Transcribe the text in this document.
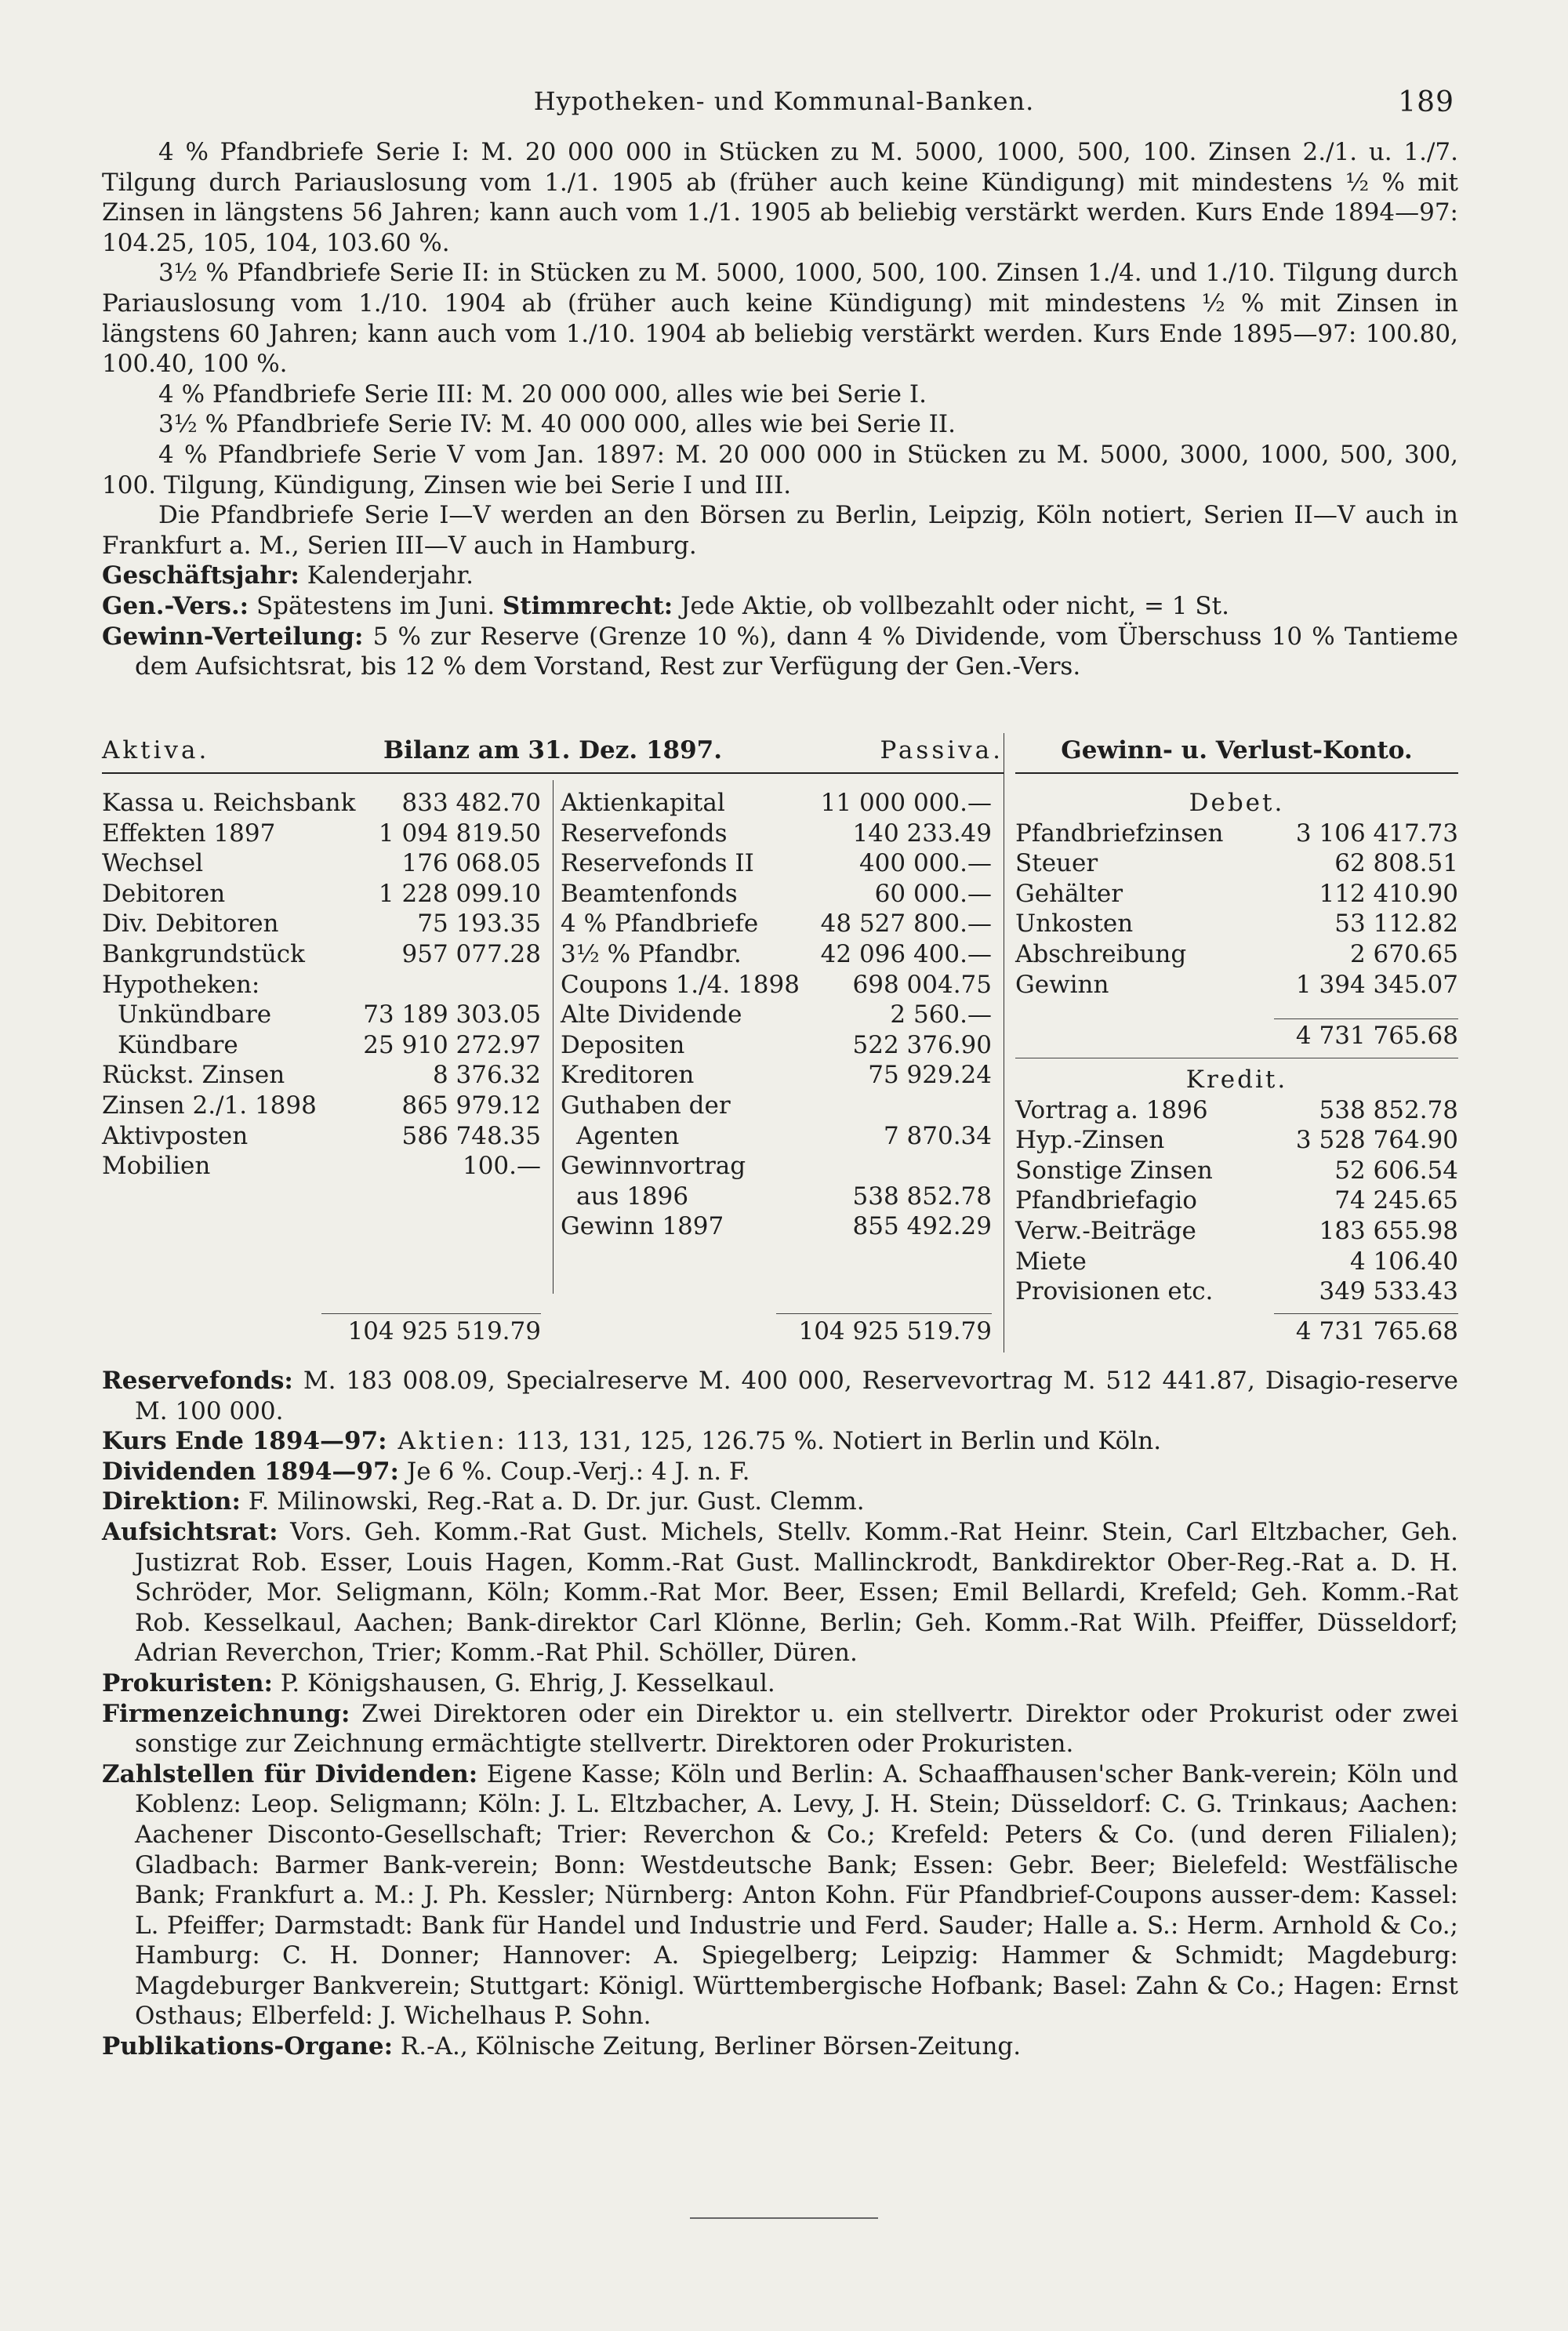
Hypotheken- und Kommunal-Banken.	189

4 % Pfandbriefe Serie I: M. 20 000 000 in Stücken zu M. 5000, 1000, 500, 100. Zinsen 2./1. u. 1./7. Tilgung durch Pariauslosung vom 1./1. 1905 ab (früher auch keine Kündigung) mit mindestens ½ % mit Zinsen in längstens 56 Jahren; kann auch vom 1./1. 1905 ab beliebig verstärkt werden. Kurs Ende 1894—97: 104.25, 105, 104, 103.60 %.

3½ % Pfandbriefe Serie II: in Stücken zu M. 5000, 1000, 500, 100. Zinsen 1./4. und 1./10. Tilgung durch Pariauslosung vom 1./10. 1904 ab (früher auch keine Kündigung) mit mindestens ½ % mit Zinsen in längstens 60 Jahren; kann auch vom 1./10. 1904 ab beliebig verstärkt werden. Kurs Ende 1895—97: 100.80, 100.40, 100 %.

4 % Pfandbriefe Serie III: M. 20 000 000, alles wie bei Serie I.

3½ % Pfandbriefe Serie IV: M. 40 000 000, alles wie bei Serie II.

4 % Pfandbriefe Serie V vom Jan. 1897: M. 20 000 000 in Stücken zu M. 5000, 3000, 1000, 500, 300, 100. Tilgung, Kündigung, Zinsen wie bei Serie I und III.

Die Pfandbriefe Serie I—V werden an den Börsen zu Berlin, Leipzig, Köln notiert, Serien II—V auch in Frankfurt a. M., Serien III—V auch in Hamburg.

Geschäftsjahr: Kalenderjahr.

Gen.-Vers.: Spätestens im Juni. Stimmrecht: Jede Aktie, ob vollbezahlt oder nicht, = 1 St.

Gewinn-Verteilung: 5 % zur Reserve (Grenze 10 %), dann 4 % Dividende, vom Überschuss 10 % Tantieme dem Aufsichtsrat, bis 12 % dem Vorstand, Rest zur Verfügung der Gen.-Vers.

Aktiva.	Bilanz am 31. Dez. 1897.	Passiva.
Kassa u. Reichsbank 833 482.70
Effekten 1897	1 094 819.50
Wechsel	176 068.05
Debitoren	1 228 099.10
Div. Debitoren	75 193.35
Bankgrundstück	957 077.28
Hypotheken:
Unkündbare	73 189 303.05
Kündbare	25 910 272.97
Rückst. Zinsen	8 376.32
Zinsen 2./1. 1898	865 979.12
Aktivposten	586 748.35
Mobilien	100.—
Aktienkapital	11 000 000.—
Reservefonds	140 233.49
Reservefonds II	400 000.—
Beamtenfonds	60 000.—
4 % Pfandbriefe	48 527 800.—
3½ % Pfandbr.	42 096 400.—
Coupons 1./4. 1898 698 004.75
Alte Dividende	2 560.—
Depositen	522 376.90
Kreditoren	75 929.24
Guthaben der
Agenten	7 870.34
Gewinnvortrag
aus 1896	538 852.78
Gewinn 1897	855 492.29
104 925 519.79	104 925 519.79
Gewinn- u. Verlust-Konto.
Debet.
Pfandbriefzinsen	3 106 417.73
Steuer	62 808.51
Gehälter	112 410.90
Unkosten	53 112.82
Abschreibung	2 670.65
Gewinn	1 394 345.07
4 731 765.68
Kredit.
Vortrag a. 1896	538 852.78
Hyp.-Zinsen	3 528 764.90
Sonstige Zinsen	52 606.54
Pfandbriefagio	74 245.65
Verw.-Beiträge	183 655.98
Miete	4 106.40
Provisionen etc.	349 533.43
4 731 765.68

Reservefonds: M. 183 008.09, Specialreserve M. 400 000, Reservevortrag M. 512 441.87, Disagio-reserve M. 100 000.

Kurs Ende 1894—97: Aktien: 113, 131, 125, 126.75 %. Notiert in Berlin und Köln.

Dividenden 1894—97: Je 6 %. Coup.-Verj.: 4 J. n. F.

Direktion: F. Milinowski, Reg.-Rat a. D. Dr. jur. Gust. Clemm.

Aufsichtsrat: Vors. Geh. Komm.-Rat Gust. Michels, Stellv. Komm.-Rat Heinr. Stein, Carl Eltzbacher, Geh. Justizrat Rob. Esser, Louis Hagen, Komm.-Rat Gust. Mallinckrodt, Bankdirektor Ober-Reg.-Rat a. D. H. Schröder, Mor. Seligmann, Köln; Komm.-Rat Mor. Beer, Essen; Emil Bellardi, Krefeld; Geh. Komm.-Rat Rob. Kesselkaul, Aachen; Bank-direktor Carl Klönne, Berlin; Geh. Komm.-Rat Wilh. Pfeiffer, Düsseldorf; Adrian Reverchon, Trier; Komm.-Rat Phil. Schöller, Düren.

Prokuristen: P. Königshausen, G. Ehrig, J. Kesselkaul.

Firmenzeichnung: Zwei Direktoren oder ein Direktor u. ein stellvertr. Direktor oder Prokurist oder zwei sonstige zur Zeichnung ermächtigte stellvertr. Direktoren oder Prokuristen.

Zahlstellen für Dividenden: Eigene Kasse; Köln und Berlin: A. Schaaffhausen'scher Bank-verein; Köln und Koblenz: Leop. Seligmann; Köln: J. L. Eltzbacher, A. Levy, J. H. Stein; Düsseldorf: C. G. Trinkaus; Aachen: Aachener Disconto-Gesellschaft; Trier: Reverchon & Co.; Krefeld: Peters & Co. (und deren Filialen); Gladbach: Barmer Bank-verein; Bonn: Westdeutsche Bank; Essen: Gebr. Beer; Bielefeld: Westfälische Bank; Frankfurt a. M.: J. Ph. Kessler; Nürnberg: Anton Kohn. Für Pfandbrief-Coupons ausser-dem: Kassel: L. Pfeiffer; Darmstadt: Bank für Handel und Industrie und Ferd. Sauder; Halle a. S.: Herm. Arnhold & Co.; Hamburg: C. H. Donner; Hannover: A. Spiegelberg; Leipzig: Hammer & Schmidt; Magdeburg: Magdeburger Bankverein; Stuttgart: Königl. Württembergische Hofbank; Basel: Zahn & Co.; Hagen: Ernst Osthaus; Elberfeld: J. Wichelhaus P. Sohn.

Publikations-Organe: R.-A., Kölnische Zeitung, Berliner Börsen-Zeitung.
